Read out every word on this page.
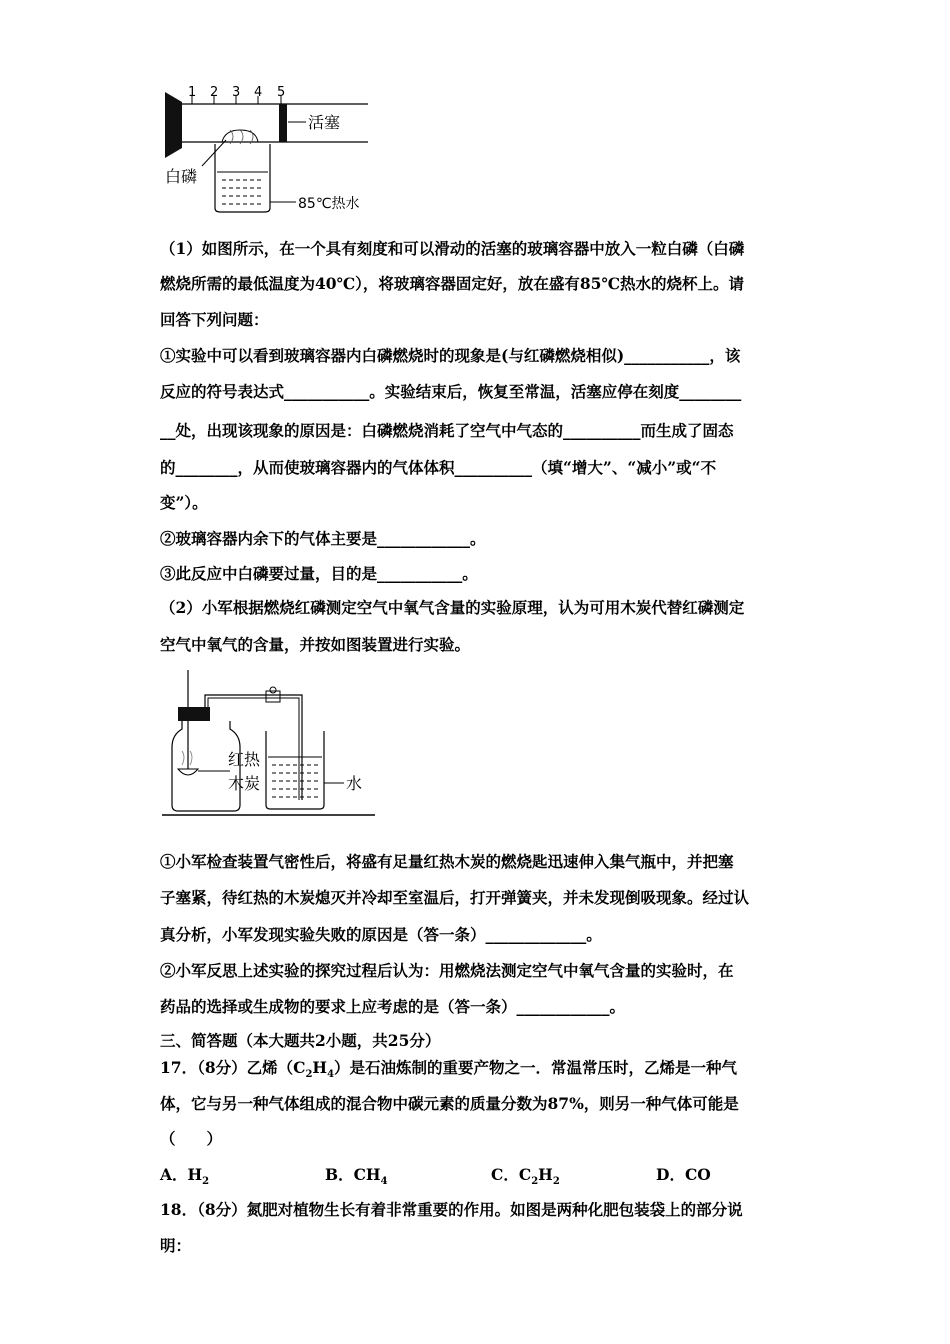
1 2 3 4 5
活塞
白磷
85℃热水
（1）如图所示，在一个具有刻度和可以滑动的活塞的玻璃容器中放入一粒白磷（白磷
燃烧所需的最低温度为40℃），将玻璃容器固定好，放在盛有85℃热水的烧杯上。请
回答下列问题：
①实验中可以看到玻璃容器内白磷燃烧时的现象是(与红磷燃烧相似)___________，该
反应的符号表达式___________。实验结束后，恢复至常温，活塞应停在刻度________
__处，出现该现象的原因是：白磷燃烧消耗了空气中气态的__________而生成了固态
的________，从而使玻璃容器内的气体体积__________（填“增大”、“减小”或“不
变”）。
②玻璃容器内余下的气体主要是____________。
③此反应中白磷要过量，目的是___________。
（2）小军根据燃烧红磷测定空气中氧气含量的实验原理，认为可用木炭代替红磷测定
空气中氧气的含量，并按如图装置进行实验。
红热
木炭	水
①小军检查装置气密性后，将盛有足量红热木炭的燃烧匙迅速伸入集气瓶中，并把塞
子塞紧，待红热的木炭熄灭并冷却至室温后，打开弹簧夹，并未发现倒吸现象。经过认
真分析，小军发现实验失败的原因是（答一条）_____________。
②小军反思上述实验的探究过程后认为：用燃烧法测定空气中氧气含量的实验时，在
药品的选择或生成物的要求上应考虑的是（答一条）____________。
三、简答题（本大题共2小题，共25分）
17．（8分）乙烯$(C_2H_4)$是石油炼制的重要产物之一．常温常压时，乙烯是一种气
体，它与另一种气体组成的混合物中碳元素的质量分数为87%，则另一种气体可能是
（　　）
A．$H_2$	B．$CH_4$	C．$C_2H_2$	D．CO
18．（8分）氮肥对植物生长有着非常重要的作用。如图是两种化肥包装袋上的部分说
明：
